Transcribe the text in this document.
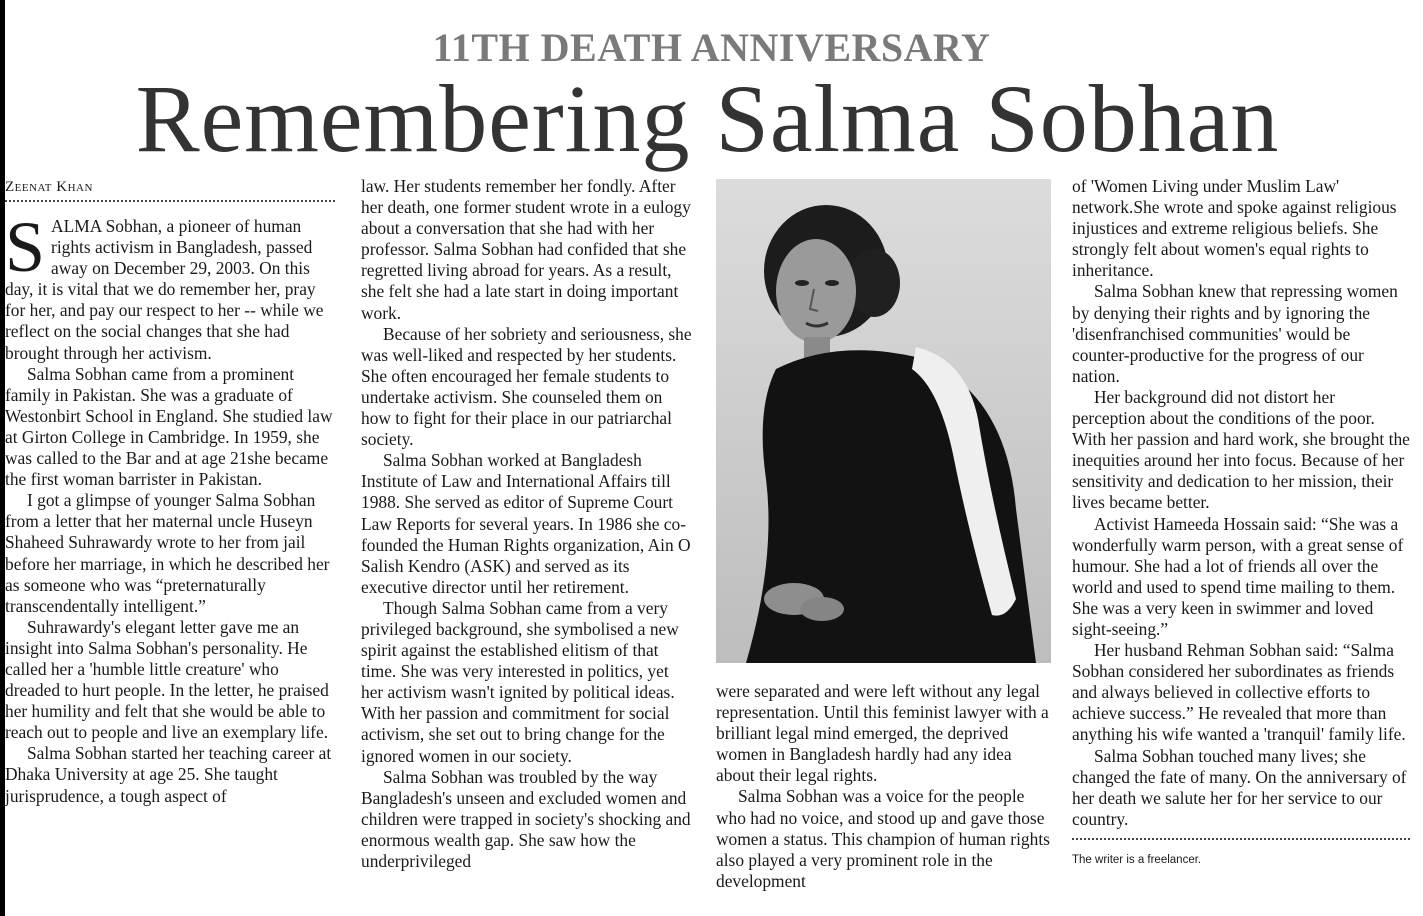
11TH DEATH ANNIVERSARY
Remembering Salma Sobhan
Zeenat Khan

SALMA Sobhan, a pioneer of human rights activism in Bangladesh, passed away on December 29, 2003. On this day, it is vital that we do remember her, pray for her, and pay our respect to her -- while we reflect on the social changes that she had brought through her activism.

Salma Sobhan came from a prominent family in Pakistan. She was a graduate of Westonbirt School in England. She studied law at Girton College in Cambridge. In 1959, she was called to the Bar and at age 21she became the first woman barrister in Pakistan.

I got a glimpse of younger Salma Sobhan from a letter that her maternal uncle Huseyn Shaheed Suhrawardy wrote to her from jail before her marriage, in which he described her as someone who was “preternaturally transcendentally intelligent.”

Suhrawardy's elegant letter gave me an insight into Salma Sobhan's personality. He called her a 'humble little creature' who dreaded to hurt people. In the letter, he praised her humility and felt that she would be able to reach out to people and live an exemplary life.

Salma Sobhan started her teaching career at Dhaka University at age 25. She taught jurisprudence, a tough aspect of

law. Her students remember her fondly. After her death, one former student wrote in a eulogy about a conversation that she had with her professor. Salma Sobhan had confided that she regretted living abroad for years. As a result, she felt she had a late start in doing important work.

Because of her sobriety and seriousness, she was well-liked and respected by her students. She often encouraged her female students to undertake activism. She counseled them on how to fight for their place in our patriarchal society.

Salma Sobhan worked at Bangladesh Institute of Law and International Affairs till 1988. She served as editor of Supreme Court Law Reports for several years. In 1986 she co-founded the Human Rights organization, Ain O Salish Kendro (ASK) and served as its executive director until her retirement.

Though Salma Sobhan came from a very privileged background, she symbolised a new spirit against the established elitism of that time. She was very interested in politics, yet her activism wasn't ignited by political ideas. With her passion and commitment for social activism, she set out to bring change for the ignored women in our society.

Salma Sobhan was troubled by the way Bangladesh's unseen and excluded women and children were trapped in society's shocking and enormous wealth gap. She saw how the underprivileged

were separated and were left without any legal representation. Until this feminist lawyer with a brilliant legal mind emerged, the deprived women in Bangladesh hardly had any idea about their legal rights.

Salma Sobhan was a voice for the people who had no voice, and stood up and gave those women a status. This champion of human rights also played a very prominent role in the development

of 'Women Living under Muslim Law' network.She wrote and spoke against religious injustices and extreme religious beliefs. She strongly felt about women's equal rights to inheritance.

Salma Sobhan knew that repressing women by denying their rights and by ignoring the 'disenfranchised communities' would be counter-productive for the progress of our nation.

Her background did not distort her perception about the conditions of the poor. With her passion and hard work, she brought the inequities around her into focus. Because of her sensitivity and dedication to her mission, their lives became better.

Activist Hameeda Hossain said: “She was a wonderfully warm person, with a great sense of humour. She had a lot of friends all over the world and used to spend time mailing to them. She was a very keen in swimmer and loved sight-seeing.”

Her husband Rehman Sobhan said: “Salma Sobhan considered her subordinates as friends and always believed in collective efforts to achieve success.” He revealed that more than anything his wife wanted a 'tranquil' family life.

Salma Sobhan touched many lives; she changed the fate of many. On the anniversary of her death we salute her for her service to our country.

The writer is a freelancer.
